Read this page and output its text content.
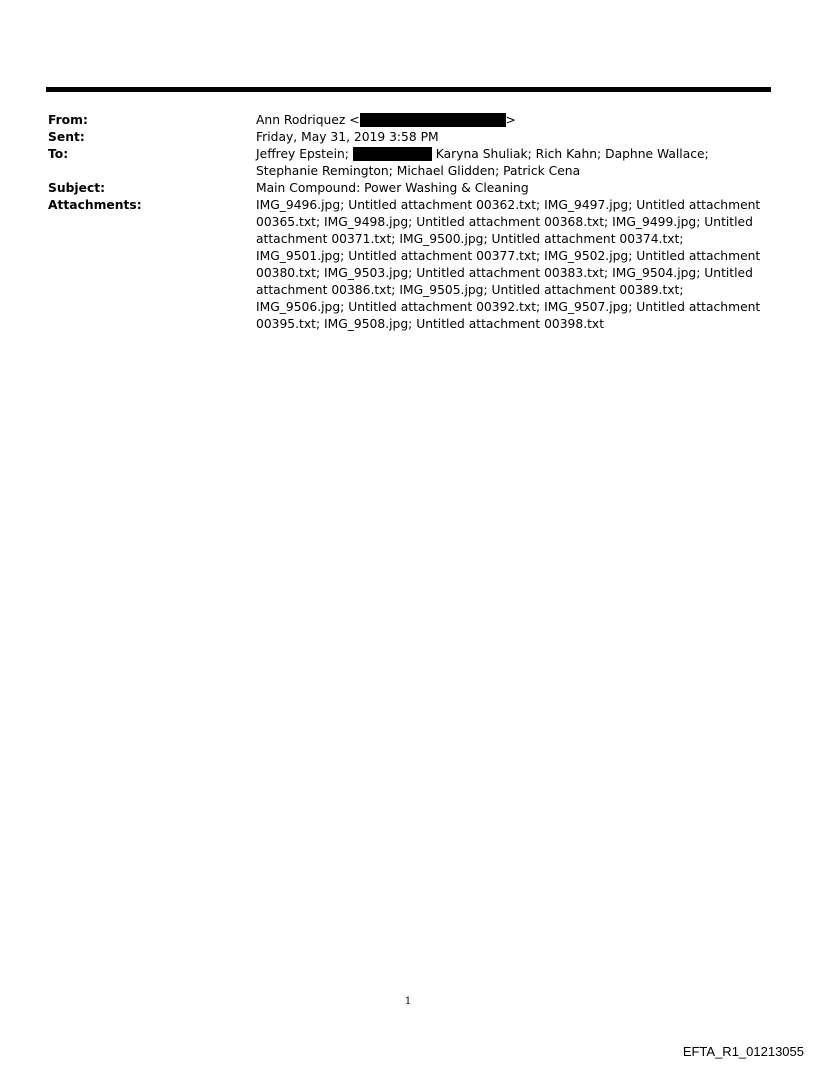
From:	Ann Rodriquez <	>
Sent:	Friday, May 31, 2019 3:58 PM
To:	Jeffrey Epstein;	Karyna Shuliak; Rich Kahn; Daphne Wallace; Stephanie Remington; Michael Glidden; Patrick Cena
Subject:	Main Compound: Power Washing & Cleaning
Attachments:	IMG_9496.jpg; Untitled attachment 00362.txt; IMG_9497.jpg; Untitled attachment 00365.txt; IMG_9498.jpg; Untitled attachment 00368.txt; IMG_9499.jpg; Untitled attachment 00371.txt; IMG_9500.jpg; Untitled attachment 00374.txt; IMG_9501.jpg; Untitled attachment 00377.txt; IMG_9502.jpg; Untitled attachment 00380.txt; IMG_9503.jpg; Untitled attachment 00383.txt; IMG_9504.jpg; Untitled attachment 00386.txt; IMG_9505.jpg; Untitled attachment 00389.txt; IMG_9506.jpg; Untitled attachment 00392.txt; IMG_9507.jpg; Untitled attachment 00395.txt; IMG_9508.jpg; Untitled attachment 00398.txt
1
EFTA_R1_01213055
